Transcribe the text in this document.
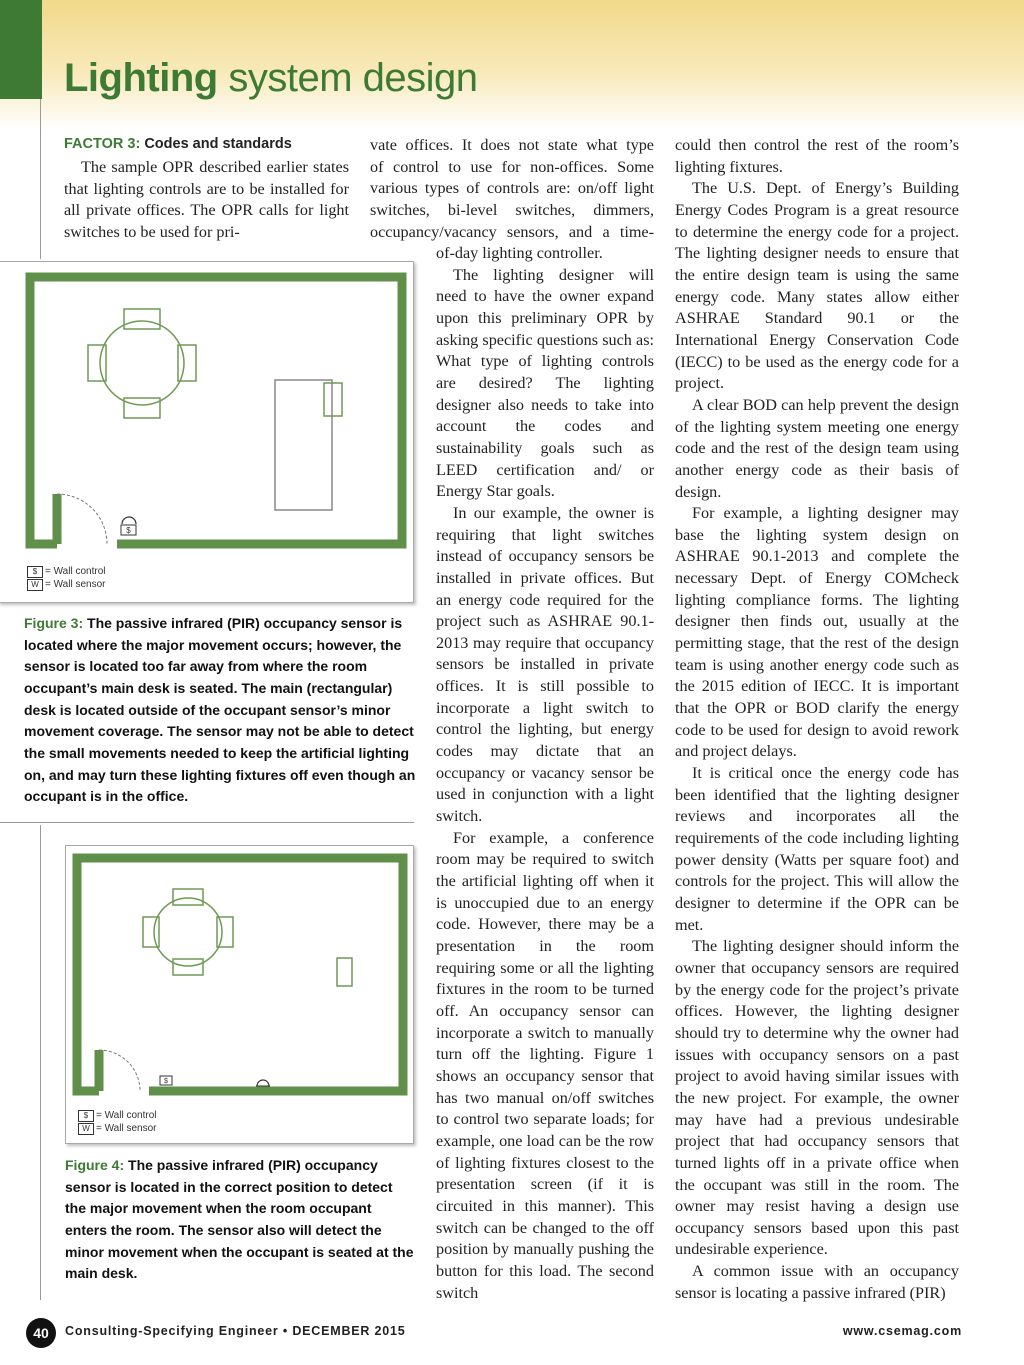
Lighting system design

FACTOR 3: Codes and standards

The sample OPR described earlier states that lighting controls are to be installed for all private offices. The OPR calls for light switches to be used for pri-

vate offices. It does not state what type
of control to use for non-offices. Some
various types of controls are: on/off light
switches, bi-level switches, dimmers,
occupancy/vacancy sensors, and a time-

of-day lighting controller.

The lighting designer will need to have the owner expand upon this preliminary OPR by asking specific questions such as: What type of lighting controls are desired? The lighting designer also needs to take into account the codes and sustainability goals such as LEED certification and/ or Energy Star goals.

In our example, the owner is requiring that light switches instead of occupancy sensors be installed in private offices. But an energy code required for the project such as ASHRAE 90.1-2013 may require that occupancy sensors be installed in private offices. It is still possible to incorporate a light switch to control the lighting, but energy codes may dictate that an occupancy or vacancy sensor be used in conjunction with a light switch.

For example, a conference room may be required to switch the artificial lighting off when it is unoccupied due to an energy code. However, there may be a presentation in the room requiring some or all the lighting fixtures in the room to be turned off. An occupancy sensor can incorporate a switch to manually turn off the lighting. Figure 1 shows an occupancy sensor that has two manual on/off switches to control two separate loads; for example, one load can be the row of lighting fixtures closest to the presentation screen (if it is circuited in this manner). This switch can be changed to the off position by manually pushing the button for this load. The second switch

could then control the rest of the room’s lighting fixtures.

The U.S. Dept. of Energy’s Building Energy Codes Program is a great resource to determine the energy code for a project. The lighting designer needs to ensure that the entire design team is using the same energy code. Many states allow either ASHRAE Standard 90.1 or the International Energy Conservation Code (IECC) to be used as the energy code for a project.

A clear BOD can help prevent the design of the lighting system meeting one energy code and the rest of the design team using another energy code as their basis of design.

For example, a lighting designer may base the lighting system design on ASHRAE 90.1-2013 and complete the necessary Dept. of Energy COMcheck lighting compliance forms. The lighting designer then finds out, usually at the permitting stage, that the rest of the design team is using another energy code such as the 2015 edition of IECC. It is important that the OPR or BOD clarify the energy code to be used for design to avoid rework and project delays.

It is critical once the energy code has been identified that the lighting designer reviews and incorporates all the requirements of the code including lighting power density (Watts per square foot) and controls for the project. This will allow the designer to determine if the OPR can be met.

The lighting designer should inform the owner that occupancy sensors are required by the energy code for the project’s private offices. However, the lighting designer should try to determine why the owner had issues with occupancy sensors on a past project to avoid having similar issues with the new project. For example, the owner may have had a previous undesirable project that had occupancy sensors that turned lights off in a private office when the occupant was still in the room. The owner may resist having a design use occupancy sensors based upon this past undesirable experience.

A common issue with an occupancy sensor is locating a passive infrared (PIR)

$
$ = Wall control
W = Wall sensor

Figure 3: The passive infrared (PIR) occupancy sensor is located where the major movement occurs; however, the sensor is located too far away from where the room occupant’s main desk is seated. The main (rectangular) desk is located outside of the occupant sensor’s minor movement coverage. The sensor may not be able to detect the small movements needed to keep the artificial lighting on, and may turn these lighting fixtures off even though an occupant is in the office.

$
$ = Wall control
W = Wall sensor

Figure 4: The passive infrared (PIR) occupancy sensor is located in the correct position to detect the major movement when the room occupant enters the room. The sensor also will detect the minor movement when the occupant is seated at the main desk.

40	Consulting-Specifying Engineer • DECEMBER 2015	www.csemag.com
